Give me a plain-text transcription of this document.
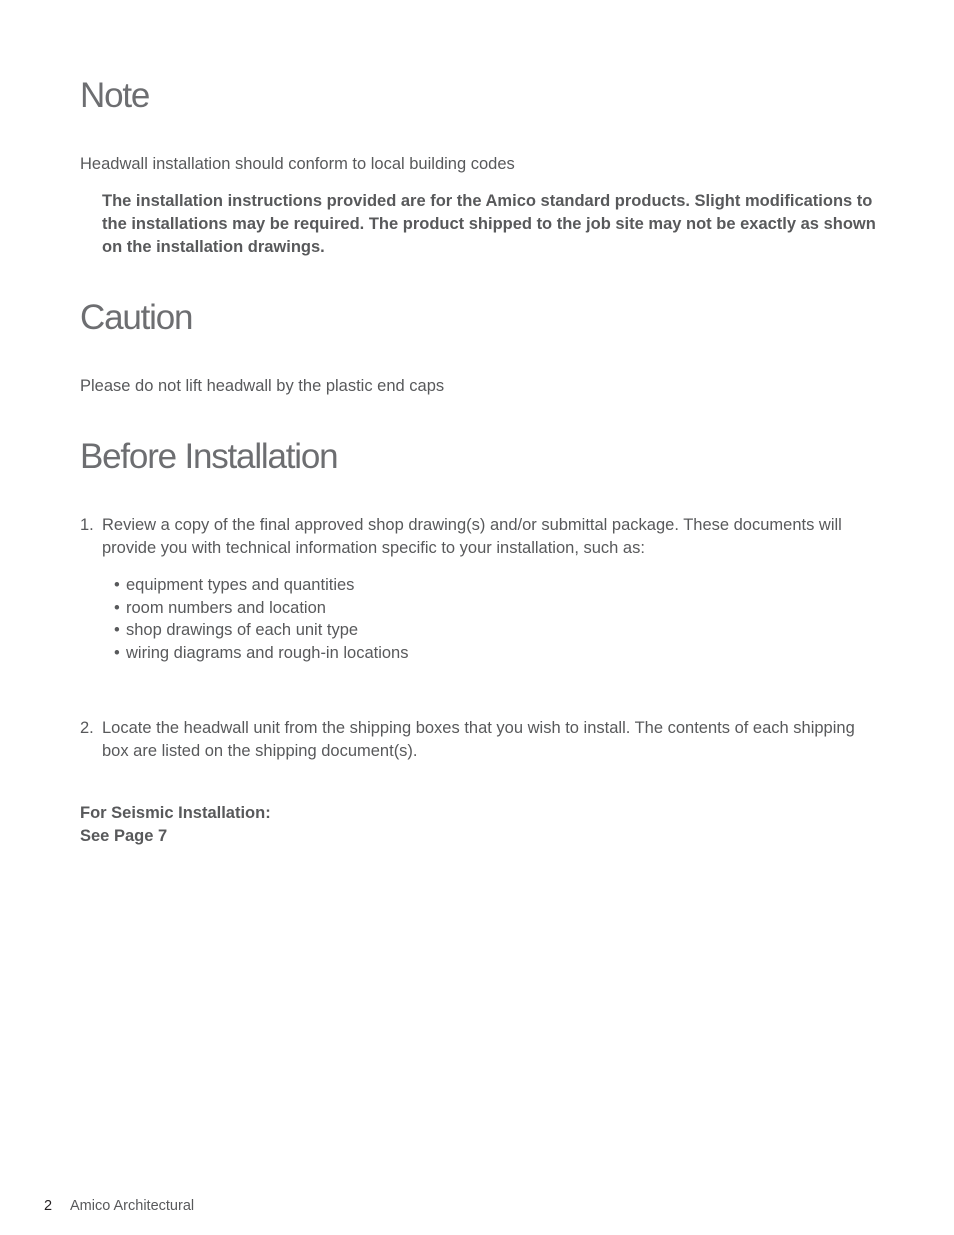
Note

Headwall installation should conform to local building codes

The installation instructions provided are for the Amico standard products. Slight modifications to the installations may be required. The product shipped to the job site may not be exactly as shown on the installation drawings.

Caution

Please do not lift headwall by the plastic end caps

Before Installation
1. Review a copy of the final approved shop drawing(s) and/or submittal package. These documents will provide you with technical information specific to your installation, such as:
• equipment types and quantities
• room numbers and location
• shop drawings of each unit type
• wiring diagrams and rough-in locations
2. Locate the headwall unit from the shipping boxes that you wish to install. The contents of each shipping box are listed on the shipping document(s).
For Seismic Installation:
See Page 7
2 Amico Architectural
